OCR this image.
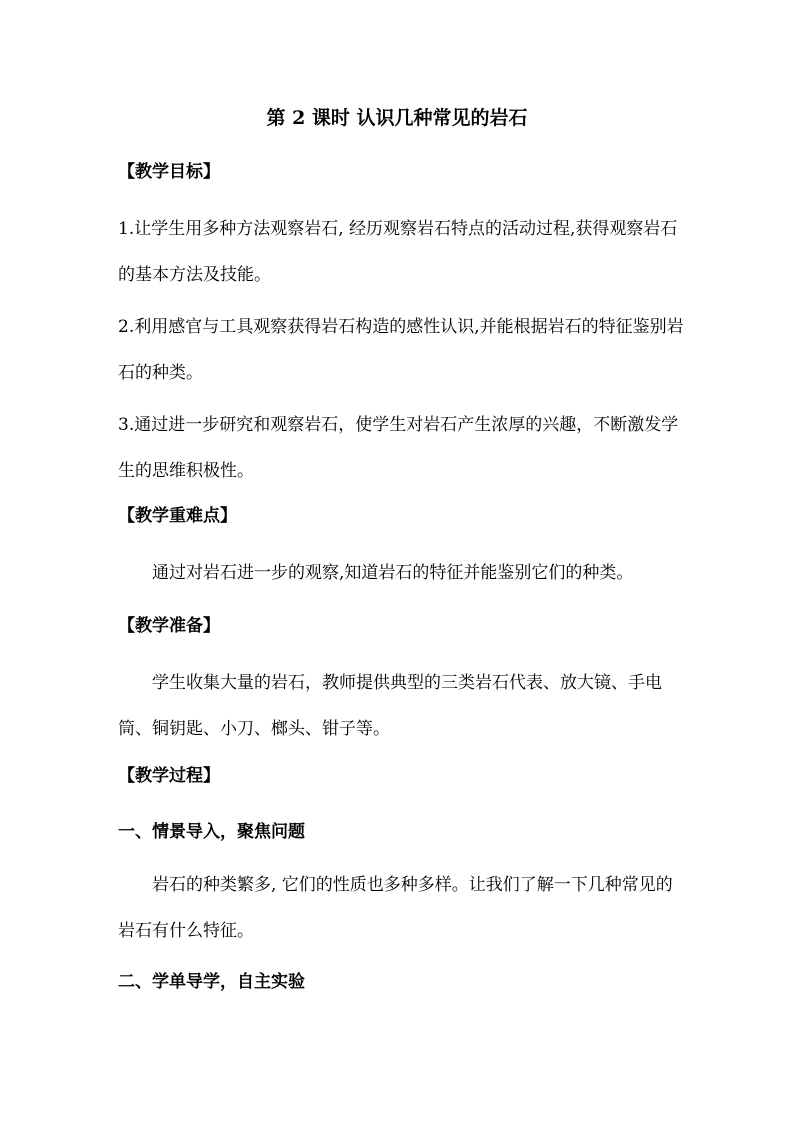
第 2 课时 认识几种常见的岩石
【教学目标】
1.让学生用多种方法观察岩石, 经历观察岩石特点的活动过程,获得观察岩石的基本方法及技能。
2.利用感官与工具观察获得岩石构造的感性认识,并能根据岩石的特征鉴别岩石的种类。
3.通过进一步研究和观察岩石，使学生对岩石产生浓厚的兴趣，不断激发学生的思维积极性。
【教学重难点】
通过对岩石进一步的观察,知道岩石的特征并能鉴别它们的种类。
【教学准备】
学生收集大量的岩石，教师提供典型的三类岩石代表、放大镜、手电筒、铜钥匙、小刀、榔头、钳子等。
【教学过程】
一、情景导入，聚焦问题
岩石的种类繁多, 它们的性质也多种多样。让我们了解一下几种常见的岩石有什么特征。
二、学单导学，自主实验
